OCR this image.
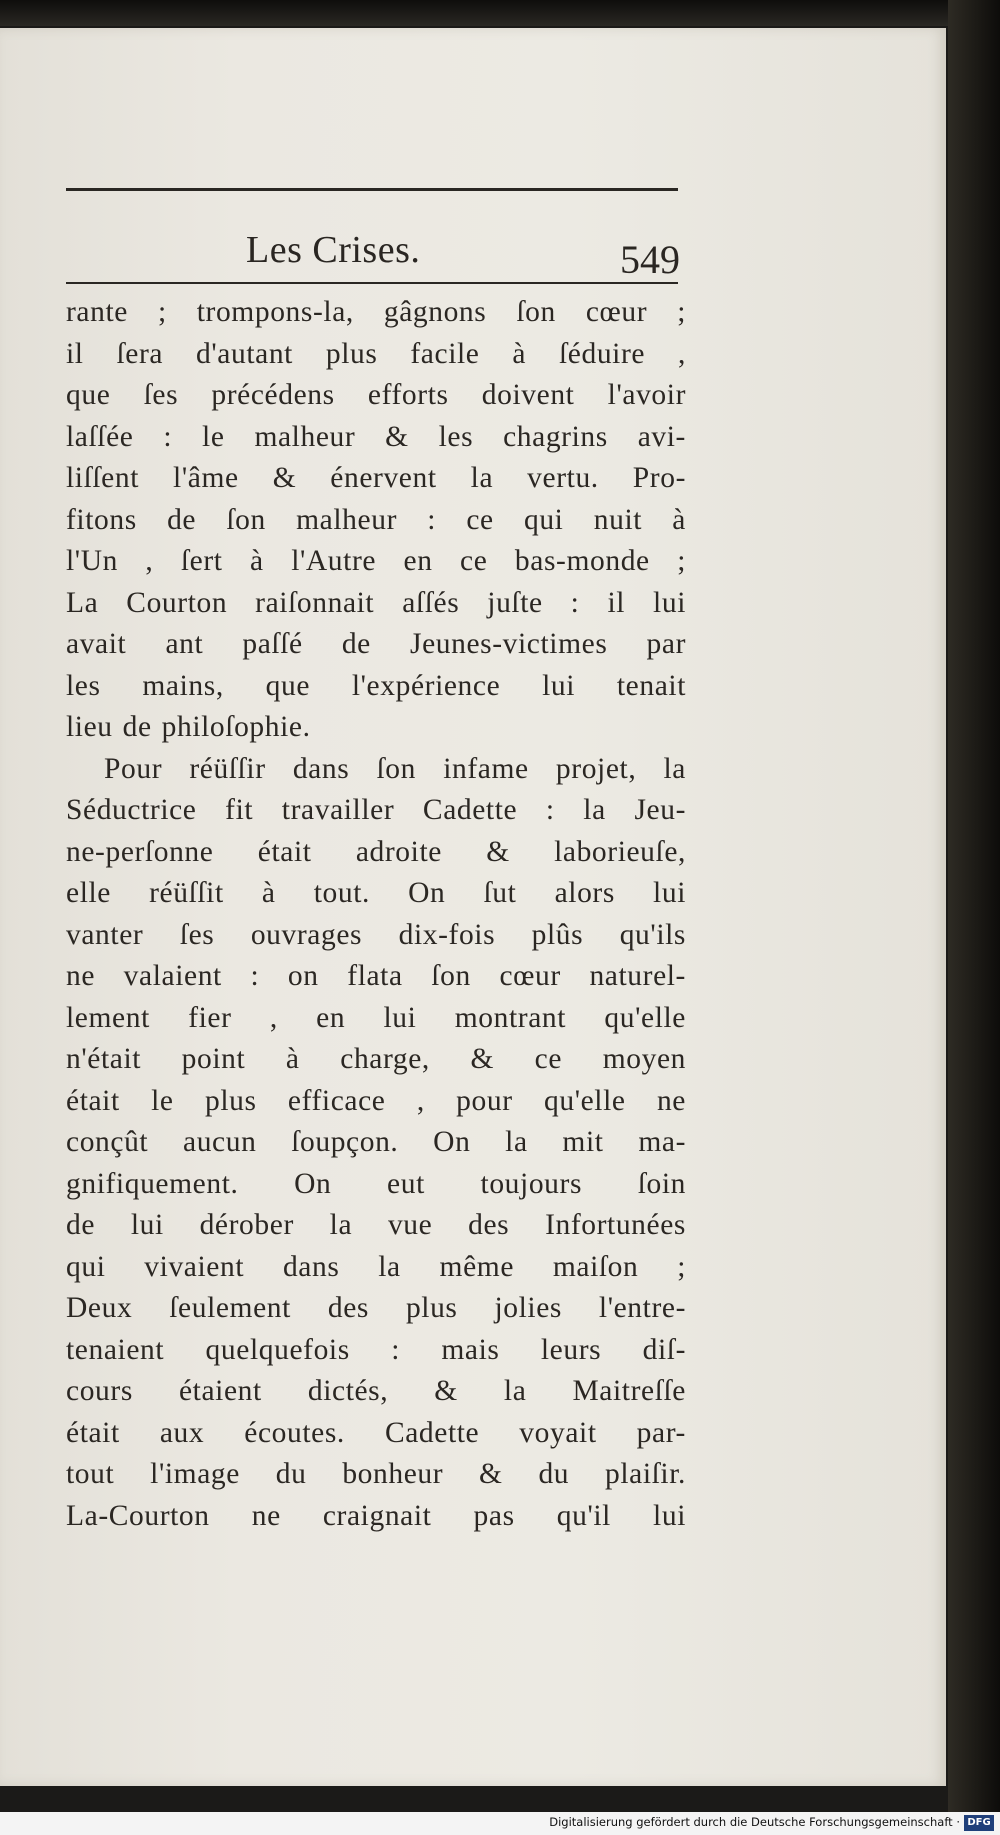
Les Crises.	549
rante ; trompons-la, gâgnons ſon cœur ;
il ſera d'autant plus facile à ſéduire ,
que ſes précédens efforts doivent l'avoir
laſſée : le malheur & les chagrins avi-
liſſent l'âme & énervent la vertu. Pro-
fitons de ſon malheur : ce qui nuit à
l'Un , ſert à l'Autre en ce bas-monde ;
La Courton raiſonnait aſſés juſte : il lui
avait ant paſſé de Jeunes-victimes par
les mains, que l'expérience lui tenait
lieu de philoſophie.
Pour réüſſir dans ſon infame projet, la
Séductrice fit travailler Cadette : la Jeu-
ne-perſonne était adroite & laborieuſe,
elle réüſſit à tout. On ſut alors lui
vanter ſes ouvrages dix-fois plûs qu'ils
ne valaient : on flata ſon cœur naturel-
lement fier , en lui montrant qu'elle
n'était point à charge, & ce moyen
était le plus efficace , pour qu'elle ne
conçût aucun ſoupçon. On la mit ma-
gnifiquement. On eut toujours ſoin
de lui dérober la vue des Infortunées
qui vivaient dans la même maiſon ;
Deux ſeulement des plus jolies l'entre-
tenaient quelquefois : mais leurs diſ-
cours étaient dictés, & la Maitreſſe
était aux écoutes. Cadette voyait par-
tout l'image du bonheur & du plaiſir.
La-Courton ne craignait pas qu'il lui
Digitalisierung gefördert durch die Deutsche Forschungsgemeinschaft · DFG
